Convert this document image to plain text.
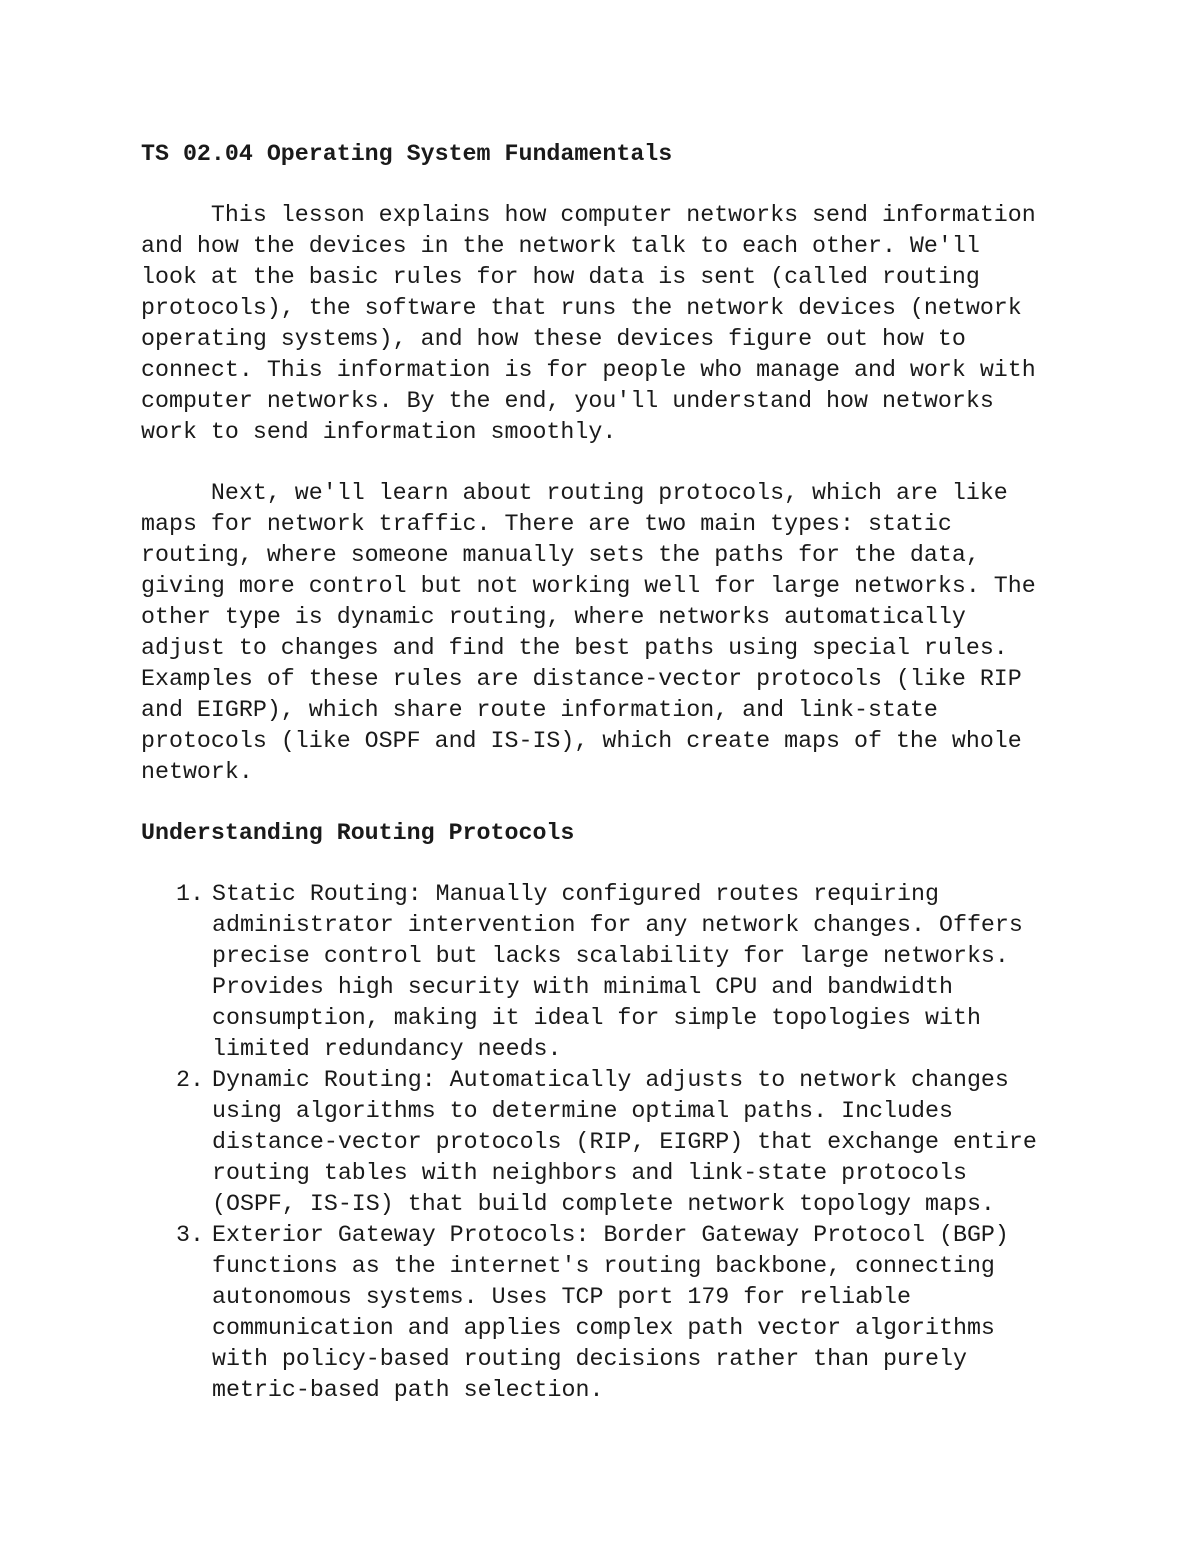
TS 02.04 Operating System Fundamentals
This lesson explains how computer networks send information
and how the devices in the network talk to each other. We'll
look at the basic rules for how data is sent (called routing
protocols), the software that runs the network devices (network
operating systems), and how these devices figure out how to
connect. This information is for people who manage and work with
computer networks. By the end, you'll understand how networks
work to send information smoothly.
Next, we'll learn about routing protocols, which are like
maps for network traffic. There are two main types: static
routing, where someone manually sets the paths for the data,
giving more control but not working well for large networks. The
other type is dynamic routing, where networks automatically
adjust to changes and find the best paths using special rules.
Examples of these rules are distance-vector protocols (like RIP
and EIGRP), which share route information, and link-state
protocols (like OSPF and IS-IS), which create maps of the whole
network.
Understanding Routing Protocols
1. Static Routing: Manually configured routes requiring
administrator intervention for any network changes. Offers
precise control but lacks scalability for large networks.
Provides high security with minimal CPU and bandwidth
consumption, making it ideal for simple topologies with
limited redundancy needs.
2. Dynamic Routing: Automatically adjusts to network changes
using algorithms to determine optimal paths. Includes
distance-vector protocols (RIP, EIGRP) that exchange entire
routing tables with neighbors and link-state protocols
(OSPF, IS-IS) that build complete network topology maps.
3. Exterior Gateway Protocols: Border Gateway Protocol (BGP)
functions as the internet's routing backbone, connecting
autonomous systems. Uses TCP port 179 for reliable
communication and applies complex path vector algorithms
with policy-based routing decisions rather than purely
metric-based path selection.
